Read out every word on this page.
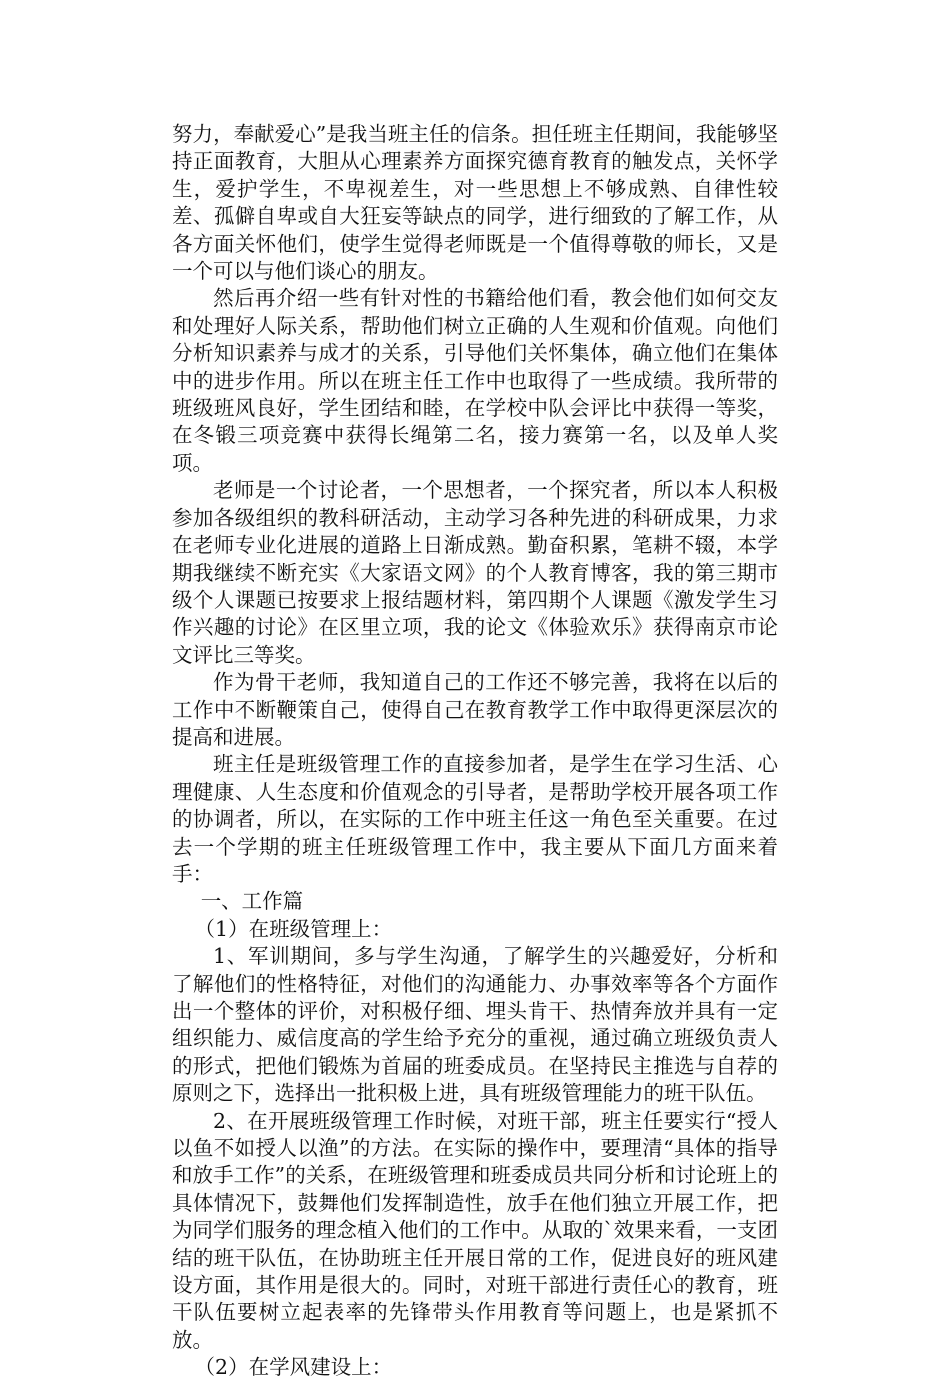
努力，奉献爱心”是我当班主任的信条。担任班主任期间，我能够坚持正面教育，大胆从心理素养方面探究德育教育的触发点，关怀学生，爱护学生，不卑视差生，对一些思想上不够成熟、自律性较差、孤僻自卑或自大狂妄等缺点的同学，进行细致的了解工作，从各方面关怀他们，使学生觉得老师既是一个值得尊敬的师长，又是一个可以与他们谈心的朋友。

然后再介绍一些有针对性的书籍给他们看，教会他们如何交友和处理好人际关系，帮助他们树立正确的人生观和价值观。向他们分析知识素养与成才的关系，引导他们关怀集体，确立他们在集体中的进步作用。所以在班主任工作中也取得了一些成绩。我所带的班级班风良好，学生团结和睦，在学校中队会评比中获得一等奖，在冬锻三项竞赛中获得长绳第二名，接力赛第一名，以及单人奖项。

老师是一个讨论者，一个思想者，一个探究者，所以本人积极参加各级组织的教科研活动，主动学习各种先进的科研成果，力求在老师专业化进展的道路上日渐成熟。勤奋积累，笔耕不辍，本学期我继续不断充实《大家语文网》的个人教育博客，我的第三期市级个人课题已按要求上报结题材料，第四期个人课题《激发学生习作兴趣的讨论》在区里立项，我的论文《体验欢乐》获得南京市论文评比三等奖。

作为骨干老师，我知道自己的工作还不够完善，我将在以后的工作中不断鞭策自己，使得自己在教育教学工作中取得更深层次的提高和进展。

班主任是班级管理工作的直接参加者，是学生在学习生活、心理健康、人生态度和价值观念的引导者，是帮助学校开展各项工作的协调者，所以，在实际的工作中班主任这一角色至关重要。在过去一个学期的班主任班级管理工作中，我主要从下面几方面来着手：

一、工作篇

（1）在班级管理上：

1、军训期间，多与学生沟通，了解学生的兴趣爱好，分析和了解他们的性格特征，对他们的沟通能力、办事效率等各个方面作出一个整体的评价，对积极仔细、埋头肯干、热情奔放并具有一定组织能力、威信度高的学生给予充分的重视，通过确立班级负责人的形式，把他们锻炼为首届的班委成员。在坚持民主推选与自荐的原则之下，选择出一批积极上进，具有班级管理能力的班干队伍。

2、在开展班级管理工作时候，对班干部，班主任要实行“授人以鱼不如授人以渔”的方法。在实际的操作中，要理清“具体的指导和放手工作”的关系，在班级管理和班委成员共同分析和讨论班上的具体情况下，鼓舞他们发挥制造性，放手在他们独立开展工作，把为同学们服务的理念植入他们的工作中。从取的`效果来看，一支团结的班干队伍，在协助班主任开展日常的工作，促进良好的班风建设方面，其作用是很大的。同时，对班干部进行责任心的教育，班干队伍要树立起表率的先锋带头作用教育等问题上，也是紧抓不放。

（2）在学风建设上：
